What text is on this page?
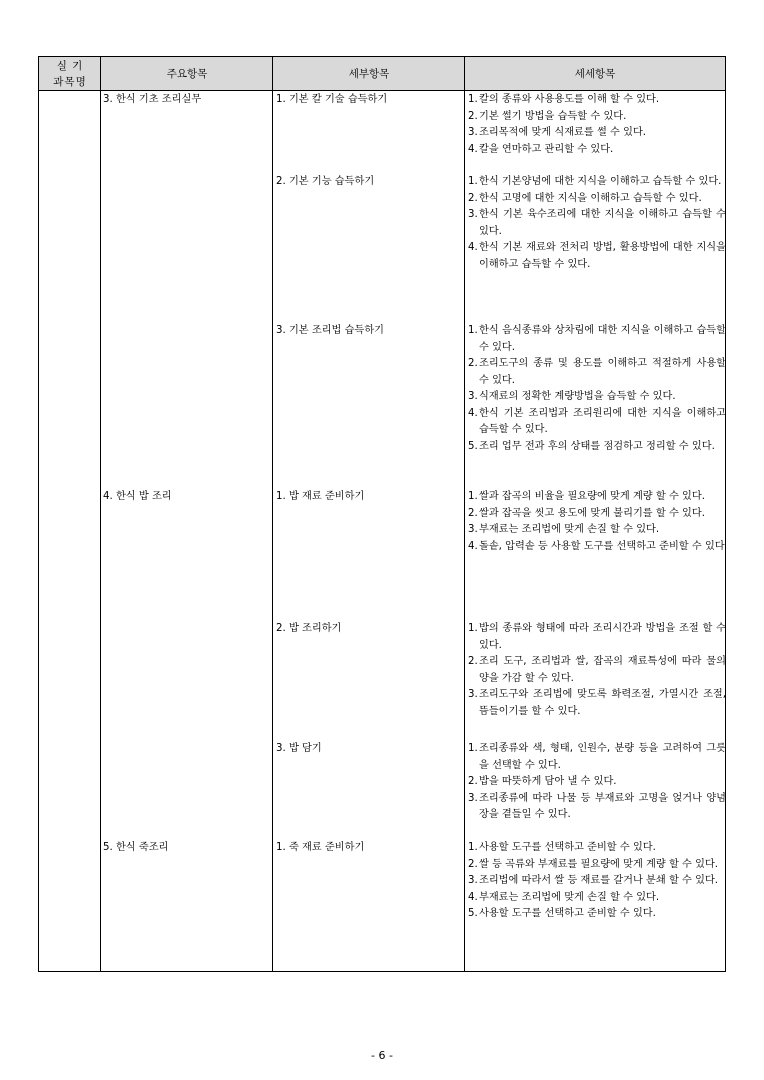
실 기
과목명
주요항목	세부항목	세세항목
3. 한식 기초 조리실무
4. 한식 밥 조리
5. 한식 죽조리
1. 기본 칼 기술 습득하기
2. 기본 기능 습득하기
3. 기본 조리법 습득하기
1. 밥 재료 준비하기
2. 밥 조리하기
3. 밥 담기
1. 죽 재료 준비하기
1. 칼의 종류와 사용용도를 이해 할 수 있다.
2. 기본 썰기 방법을 습득할 수 있다.
3. 조리목적에 맞게 식재료를 썰 수 있다.
4. 칼을 연마하고 관리할 수 있다.
1. 한식 기본양념에 대한 지식을 이해하고 습득할 수 있다.
2. 한식 고명에 대한 지식을 이해하고 습득할 수 있다.
3. 한식 기본 육수조리에 대한 지식을 이해하고 습득할 수 있다.
4. 한식 기본 재료와 전처리 방법, 활용방법에 대한 지식을 이해하고 습득할 수 있다.
1. 한식 음식종류와 상차림에 대한 지식을 이해하고 습득할 수 있다.
2. 조리도구의 종류 및 용도를 이해하고 적절하게 사용할 수 있다.
3. 식재료의 정확한 계량방법을 습득할 수 있다.
4. 한식 기본 조리법과 조리원리에 대한 지식을 이해하고 습득할 수 있다.
5. 조리 업무 전과 후의 상태를 점검하고 정리할 수 있다.
1. 쌀과 잡곡의 비율을 필요량에 맞게 계량 할 수 있다.
2. 쌀과 잡곡을 씻고 용도에 맞게 불리기를 할 수 있다.
3. 부재료는 조리법에 맞게 손질 할 수 있다.
4. 돌솥, 압력솥 등 사용할 도구를 선택하고 준비할 수 있다
1. 밥의 종류와 형태에 따라 조리시간과 방법을 조절 할 수 있다.
2. 조리 도구, 조리법과 쌀, 잡곡의 재료특성에 따라 물의 양을 가감 할 수 있다.
3. 조리도구와 조리법에 맞도록 화력조절, 가열시간 조절, 뜸들이기를 할 수 있다.
1. 조리종류와 색, 형태, 인원수, 분량 등을 고려하여 그릇을 선택할 수 있다.
2. 밥을 따뜻하게 담아 낼 수 있다.
3. 조리종류에 따라 나물 등 부재료와 고명을 얹거나 양념장을 곁들일 수 있다.
1. 사용할 도구를 선택하고 준비할 수 있다.
2. 쌀 등 곡류와 부재료를 필요량에 맞게 계량 할 수 있다.
3. 조리법에 따라서 쌀 등 재료를 갈거나 분쇄 할 수 있다.
4. 부재료는 조리법에 맞게 손질 할 수 있다.
5. 사용할 도구를 선택하고 준비할 수 있다.
- 6 -
